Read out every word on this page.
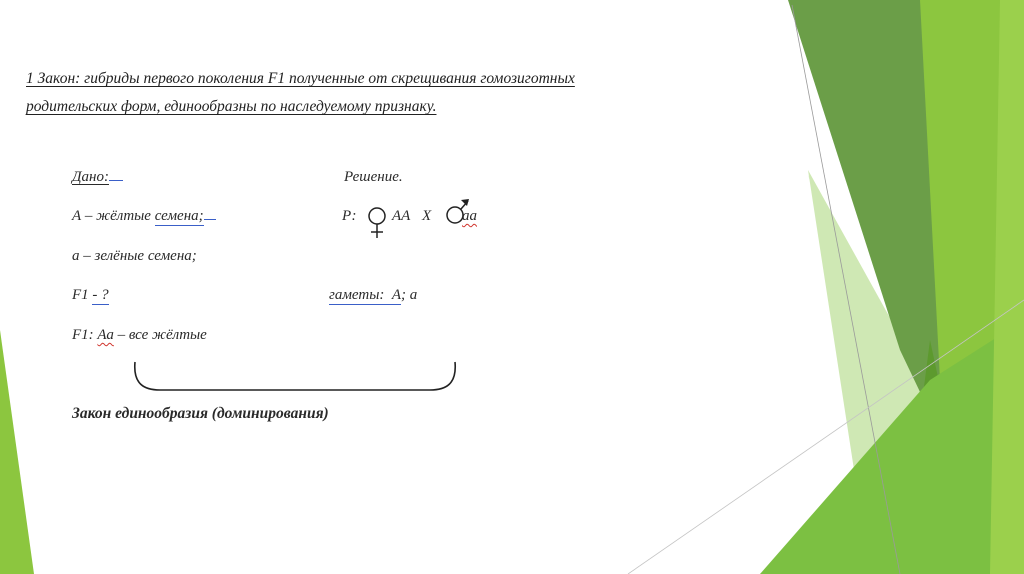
1 Закон: гибриды первого поколения F1 полученные от скрещивания гомозиготных
родительских форм, единообразны по наследуемому признаку.
Дано:
А – жёлтые семена;
а – зелёные семена;
F1 - ?
F1: Аа – все жёлтые
Решение.
Р: АА Х аа
гаметы: А; а
Закон единообразия (доминирования)
